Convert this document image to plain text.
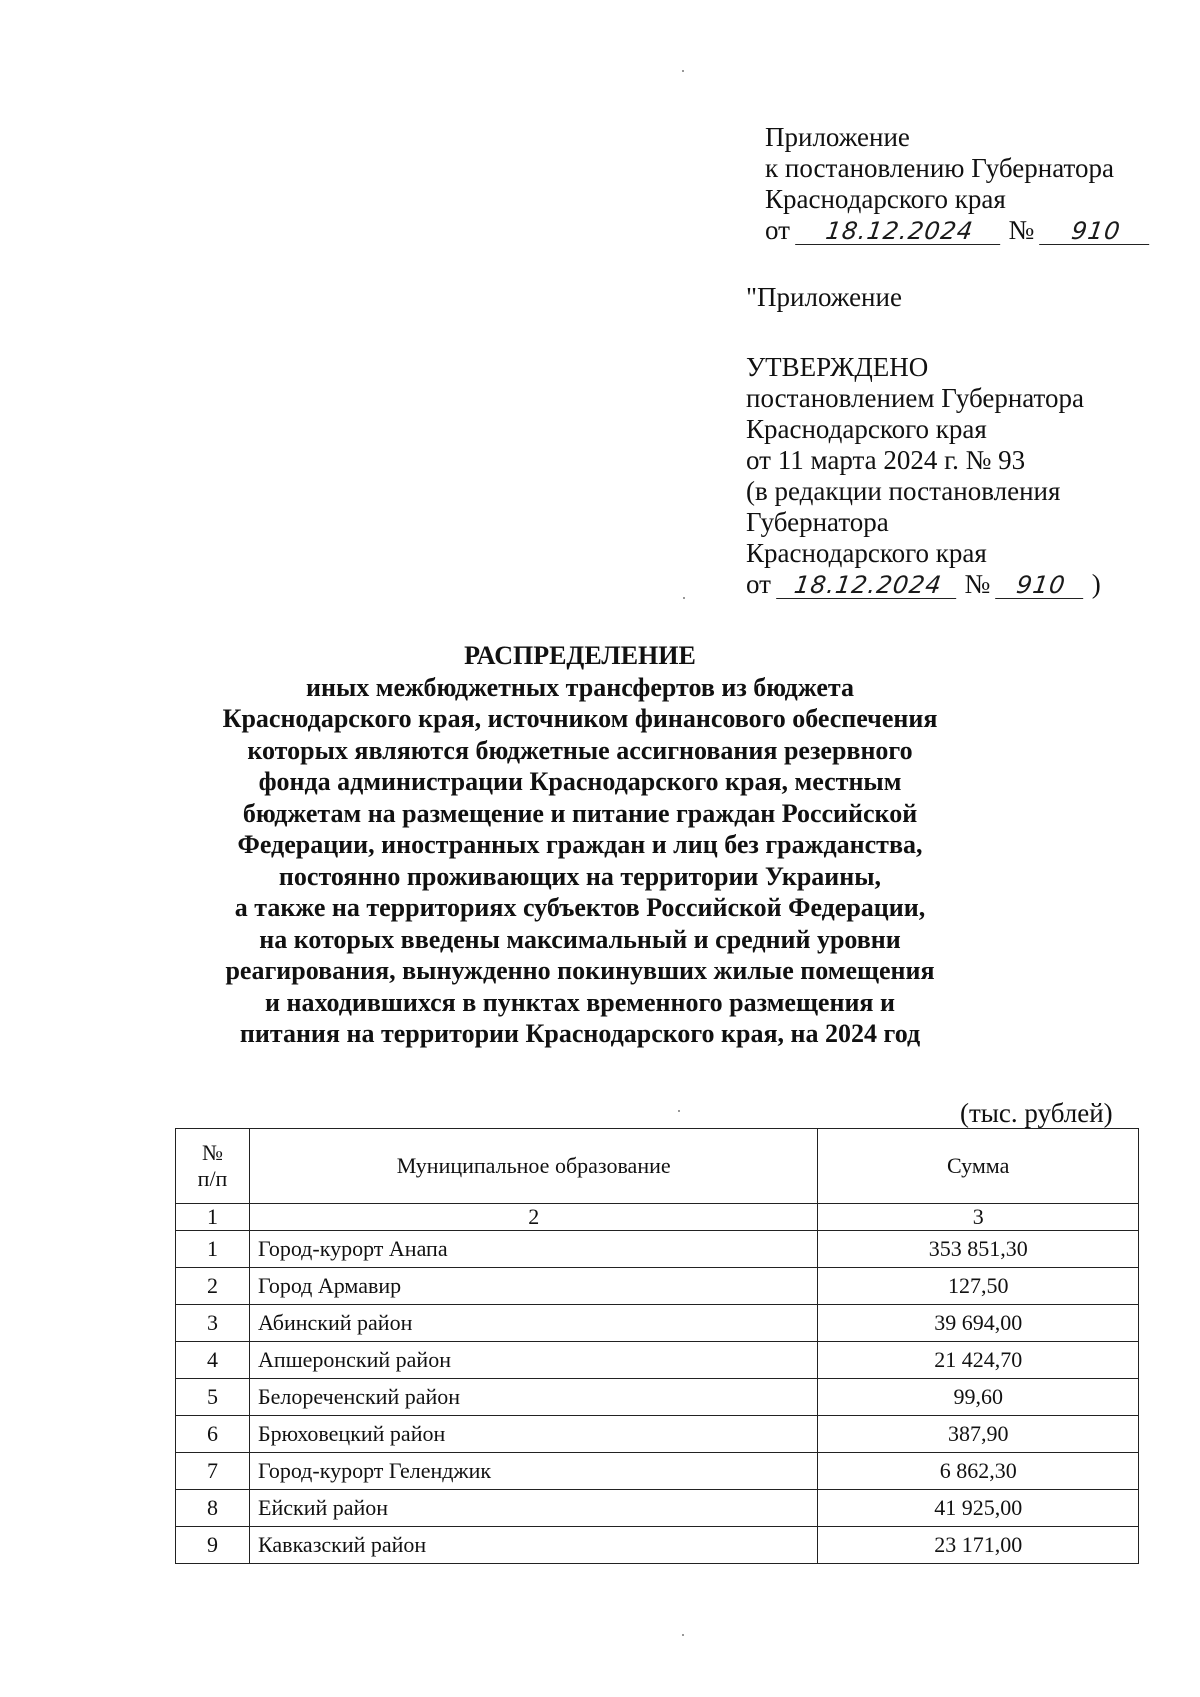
Приложение
к постановлению Губернатора
Краснодарского края
от 18.12.2024 № 910
"Приложение
УТВЕРЖДЕНО
постановлением Губернатора
Краснодарского края
от 11 марта 2024 г. № 93
(в редакции постановления
Губернатора
Краснодарского края
от 18.12.2024 № 910 )
РАСПРЕДЕЛЕНИЕ
иных межбюджетных трансфертов из бюджета
Краснодарского края, источником финансового обеспечения
которых являются бюджетные ассигнования резервного
фонда администрации Краснодарского края, местным
бюджетам на размещение и питание граждан Российской
Федерации, иностранных граждан и лиц без гражданства,
постоянно проживающих на территории Украины,
а также на территориях субъектов Российской Федерации,
на которых введены максимальный и средний уровни
реагирования, вынужденно покинувших жилые помещения
и находившихся в пунктах временного размещения и
питания на территории Краснодарского края, на 2024 год
(тыс. рублей)
№
п/п	Муниципальное образование	Сумма
1	2	3
1	Город-курорт Анапа	353 851,30
2	Город Армавир	127,50
3	Абинский район	39 694,00
4	Апшеронский район	21 424,70
5	Белореченский район	99,60
6	Брюховецкий район	387,90
7	Город-курорт Геленджик	6 862,30
8	Ейский район	41 925,00
9	Кавказский район	23 171,00
